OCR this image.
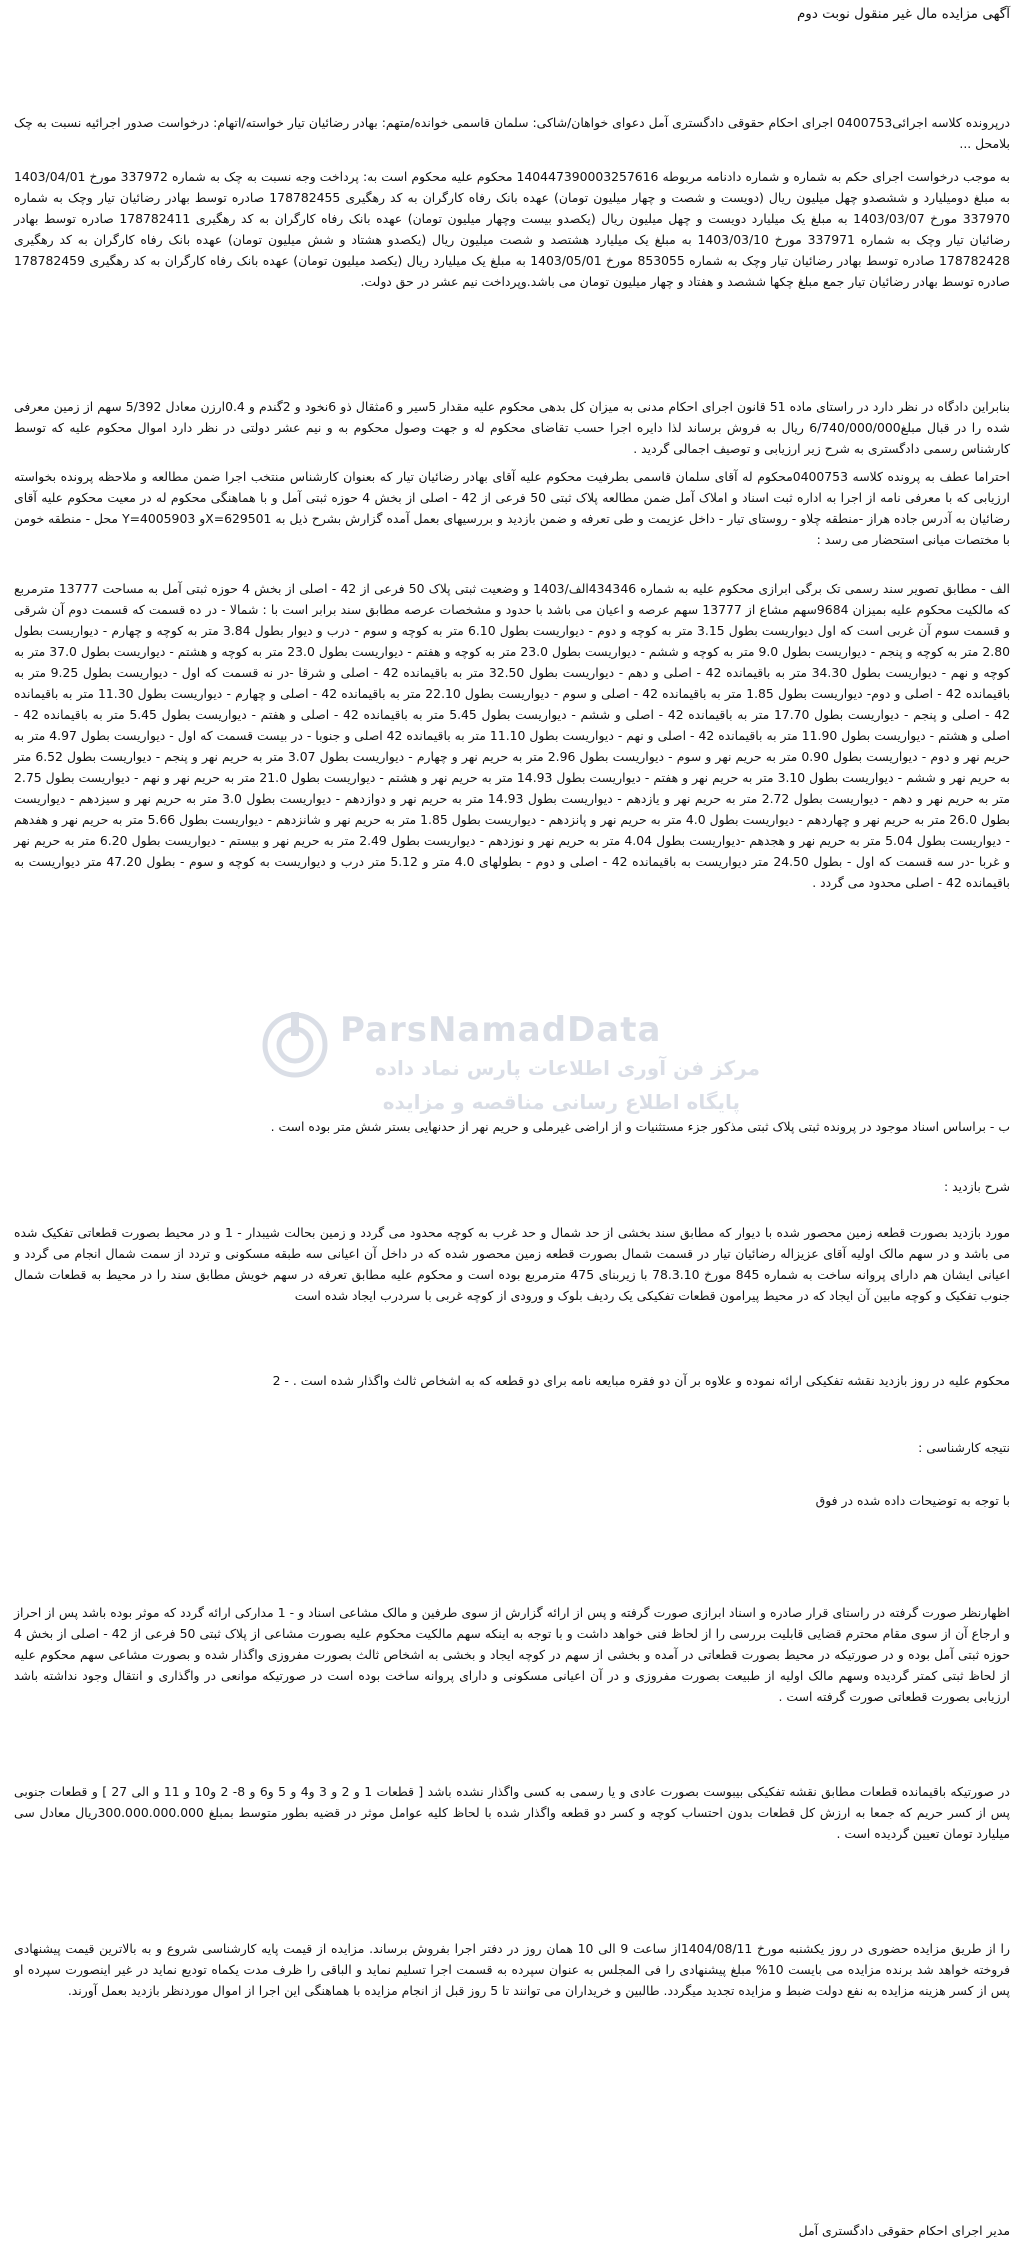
آگهی مزایده مال غیر منقول نوبت دوم

درپرونده کلاسه اجرائی0400753 اجرای احکام حقوقی دادگستری آمل دعوای خواهان/شاکی: سلمان قاسمی خوانده/متهم: بهادر رضائیان تیار خواسته/اتهام: درخواست صدور اجرائیه نسبت به چک بلامحل ...

به موجب درخواست اجرای حکم به شماره و شماره دادنامه مربوطه 140447390003257616 محکوم علیه محکوم است به: پرداخت وجه نسبت به چک به شماره 337972 مورخ 1403/04/01 به مبلغ دومیلیارد و ششصدو چهل میلیون ریال (دویست و شصت و چهار میلیون تومان) عهده بانک رفاه کارگران به کد رهگیری 178782455 صادره توسط بهادر رضائیان تیار وچک به شماره 337970 مورخ 1403/03/07 به مبلغ یک میلیارد دویست و چهل میلیون ریال (یکصدو بیست وچهار میلیون تومان) عهده بانک رفاه کارگران به کد رهگیری 178782411 صادره توسط بهادر رضائیان تیار وچک به شماره 337971 مورخ 1403/03/10 به مبلغ یک میلیارد هشتصد و شصت میلیون ریال (یکصدو هشتاد و شش میلیون تومان) عهده بانک رفاه کارگران به کد رهگیری 178782428 صادره توسط بهادر رضائیان تیار وچک به شماره 853055 مورخ 1403/05/01 به مبلغ یک میلیارد ریال (یکصد میلیون تومان) عهده بانک رفاه کارگران به کد رهگیری 178782459 صادره توسط بهادر رضائیان تیار جمع مبلغ چکها ششصد و هفتاد و چهار میلیون تومان می باشد.وپرداخت نیم عشر در حق دولت.

بنابراین دادگاه در نظر دارد در راستای ماده 51 قانون اجرای احکام مدنی به میزان کل بدهی محکوم علیه مقدار 5سیر و 6مثقال ذو 6نخود و 2گندم و 0.4ارزن معادل 5/392 سهم از زمین معرفی شده را در قبال مبلغ6/740/000/000 ریال به فروش برساند لذا دایره اجرا حسب تقاضای محکوم له و جهت وصول محکوم به و نیم عشر دولتی در نظر دارد اموال محکوم علیه که توسط کارشناس رسمی دادگستری به شرح زیر ارزیابی و توصیف اجمالی گردید .

احتراما عطف به پرونده کلاسه 0400753محکوم له آقای سلمان قاسمی بطرفیت محکوم علیه آقای بهادر رضائیان تیار که بعنوان کارشناس منتخب اجرا ضمن مطالعه و ملاحظه پرونده بخواسته ارزیابی که با معرفی نامه از اجرا به اداره ثبت اسناد و املاک آمل ضمن مطالعه پلاک ثبتی 50 فرعی از 42 - اصلی از بخش 4 حوزه ثبتی آمل و با هماهنگی محکوم له در معیت محکوم علیه آقای رضائیان به آدرس جاده هراز -منطقه چلاو - روستای تیار - داخل عزیمت و طی تعرفه و ضمن بازدید و بررسیهای بعمل آمده گزارش بشرح ذیل به X=629501و Y=4005903 محل - منطقه خومن با مختصات میانی استحضار می رسد :

الف - مطابق تصویر سند رسمی تک برگی ابرازی محکوم علیه به شماره 434346الف/1403 و وضعیت ثبتی پلاک 50 فرعی از 42 - اصلی از بخش 4 حوزه ثبتی آمل به مساحت 13777 مترمربع که مالکیت محکوم علیه بمیزان 9684سهم مشاع از 13777 سهم عرصه و اعیان می باشد با حدود و مشخصات عرصه مطابق سند برابر است با : شمالا - در ده قسمت که قسمت دوم آن شرقی و قسمت سوم آن غربی است که اول دیواریست بطول 3.15 متر به کوچه و دوم - دیواریست بطول 6.10 متر به کوچه و سوم - درب و دیوار بطول 3.84 متر به کوچه و چهارم - دیواریست بطول 2.80 متر به کوچه و پنجم - دیواریست بطول 9.0 متر به کوچه و ششم - دیواریست بطول 23.0 متر به کوچه و هفتم - دیواریست بطول 23.0 متر به کوچه و هشتم - دیواریست بطول 37.0 متر به کوچه و نهم - دیواریست بطول 34.30 متر به باقیمانده 42 - اصلی و دهم - دیواریست بطول 32.50 متر به باقیمانده 42 - اصلی و شرقا -در نه قسمت که اول - دیواریست بطول 9.25 متر به باقیمانده 42 - اصلی و دوم- دیواریست بطول 1.85 متر به باقیمانده 42 - اصلی و سوم - دیواریست بطول 22.10 متر به باقیمانده 42 - اصلی و چهارم - دیواریست بطول 11.30 متر به باقیمانده 42 - اصلی و پنجم - دیواریست بطول 17.70 متر به باقیمانده 42 - اصلی و ششم - دیواریست بطول 5.45 متر به باقیمانده 42 - اصلی و هفتم - دیواریست بطول 5.45 متر به باقیمانده 42 - اصلی و هشتم - دیواریست بطول 11.90 متر به باقیمانده 42 - اصلی و نهم - دیواریست بطول 11.10 متر به باقیمانده 42 اصلی و جنوبا - در بیست قسمت که اول - دیواریست بطول 4.97 متر به حریم نهر و دوم - دیواریست بطول 0.90 متر به حریم نهر و سوم - دیواریست بطول 2.96 متر به حریم نهر و چهارم - دیواریست بطول 3.07 متر به حریم نهر و پنجم - دیواریست بطول 6.52 متر به حریم نهر و ششم - دیواریست بطول 3.10 متر به حریم نهر و هفتم - دیواریست بطول 14.93 متر به حریم نهر و هشتم - دیواریست بطول 21.0 متر به حریم نهر و نهم - دیواریست بطول 2.75 متر به حریم نهر و دهم - دیواریست بطول 2.72 متر به حریم نهر و یازدهم - دیواریست بطول 14.93 متر به حریم نهر و دوازدهم - دیواریست بطول 3.0 متر به حریم نهر و سیزدهم - دیواریست بطول 26.0 متر به حریم نهر و چهاردهم - دیواریست بطول 4.0 متر به حریم نهر و پانزدهم - دیواریست بطول 1.85 متر به حریم نهر و شانزدهم - دیواریست بطول 5.66 متر به حریم نهر و هفدهم - دیواریست بطول 5.04 متر به حریم نهر و هجدهم -دیواریست بطول 4.04 متر به حریم نهر و نوزدهم - دیواریست بطول 2.49 متر به حریم نهر و بیستم - دیواریست بطول 6.20 متر به حریم نهر و غربا -در سه قسمت که اول - بطول 24.50 متر دیواریست به باقیمانده 42 - اصلی و دوم - بطولهای 4.0 متر و 5.12 متر درب و دیواریست به کوچه و سوم - بطول 47.20 متر دیواریست به باقیمانده 42 - اصلی محدود می گردد .

ب - براساس اسناد موجود در پرونده ثبتی پلاک ثبتی مذکور جزء مستثنیات و از اراضی غیرملی و حریم نهر از حدنهایی بستر شش متر بوده است .

شرح بازدید :

مورد بازدید بصورت قطعه زمین محصور شده با دیوار که مطابق سند بخشی از حد شمال و حد غرب به کوچه محدود می گردد و زمین بحالت شیبدار - 1 و در محیط بصورت قطعاتی تفکیک شده می باشد و در سهم مالک اولیه آقای عزیزاله رضائیان تیار در قسمت شمال بصورت قطعه زمین محصور شده که در داخل آن اعیانی سه طبقه مسکونی و تردد از سمت شمال انجام می گردد و اعیانی ایشان هم دارای پروانه ساخت به شماره 845 مورخ 78.3.10 با زیربنای 475 مترمربع بوده است و محکوم علیه مطابق تعرفه در سهم خویش مطابق سند را در محیط به قطعات شمال جنوب تفکیک و کوچه مابین آن ایجاد که در محیط پیرامون قطعات تفکیکی یک ردیف بلوک و ورودی از کوچه غربی با سردرب ایجاد شده است

محکوم علیه در روز بازدید نقشه تفکیکی ارائه نموده و علاوه بر آن دو فقره مبایعه نامه برای دو قطعه که به اشخاص ثالث واگذار شده است . - 2

نتیجه کارشناسی :

با توجه به توضیحات داده شده در فوق

اظهارنظر صورت گرفته در راستای قرار صادره و اسناد ابرازی صورت گرفته و پس از ارائه گزارش از سوی طرفین و مالک مشاعی اسناد و - 1 مدارکی ارائه گردد که موثر بوده باشد پس از احراز و ارجاع آن از سوی مقام محترم قضایی قابلیت بررسی را از لحاظ فنی خواهد داشت و با توجه به اینکه سهم مالکیت محکوم علیه بصورت مشاعی از پلاک ثبتی 50 فرعی از 42 - اصلی از بخش 4 حوزه ثبتی آمل بوده و در صورتیکه در محیط بصورت قطعاتی در آمده و بخشی از سهم در کوچه ایجاد و بخشی به اشخاص ثالث بصورت مفروزی واگذار شده و بصورت مشاعی سهم محکوم علیه از لحاظ ثبتی کمتر گردیده وسهم مالک اولیه از طبیعت بصورت مفروزی و در آن اعیانی مسکونی و دارای پروانه ساخت بوده است در صورتیکه موانعی در واگذاری و انتقال وجود نداشته باشد ارزیابی بصورت قطعاتی صورت گرفته است .

در صورتیکه باقیمانده قطعات مطابق نقشه تفکیکی بیبوست بصورت عادی و یا رسمی به کسی واگذار نشده باشد [ قطعات 1 و 2 و 3 و4 و 5 و6 و 8- 2 و10 و 11 و الی 27 ] و قطعات جنوبی پس از کسر حریم که جمعا به ارزش کل قطعات بدون احتساب کوچه و کسر دو قطعه واگذار شده با لحاظ کلیه عوامل موثر در قضیه بطور متوسط بمبلغ 300.000.000.000ریال معادل سی میلیارد تومان تعیین گردیده است .

را از طریق مزایده حضوری در روز یکشنبه مورخ 1404/08/11از ساعت 9 الی 10 همان روز در دفتر اجرا بفروش برساند. مزایده از قیمت پایه کارشناسی شروع و به بالاترین قیمت پیشنهادی فروخته خواهد شد برنده مزایده می بایست 10% مبلغ پیشنهادی را فی المجلس به عنوان سپرده به قسمت اجرا تسلیم نماید و الباقی را ظرف مدت یکماه تودیع نماید در غیر اینصورت سپرده او پس از کسر هزینه مزایده به نفع دولت ضبط و مزایده تجدید میگردد. طالبین و خریداران می توانند تا 5 روز قبل از انجام مزایده با هماهنگی این اجرا از اموال موردنظر بازدید بعمل آورند.

مدیر اجرای احکام حقوقی دادگستری آمل

ParsNamadData
مرکز فن آوری اطلاعات پارس نماد داده
پایگاه اطلاع رسانی مناقصه و مزایده
